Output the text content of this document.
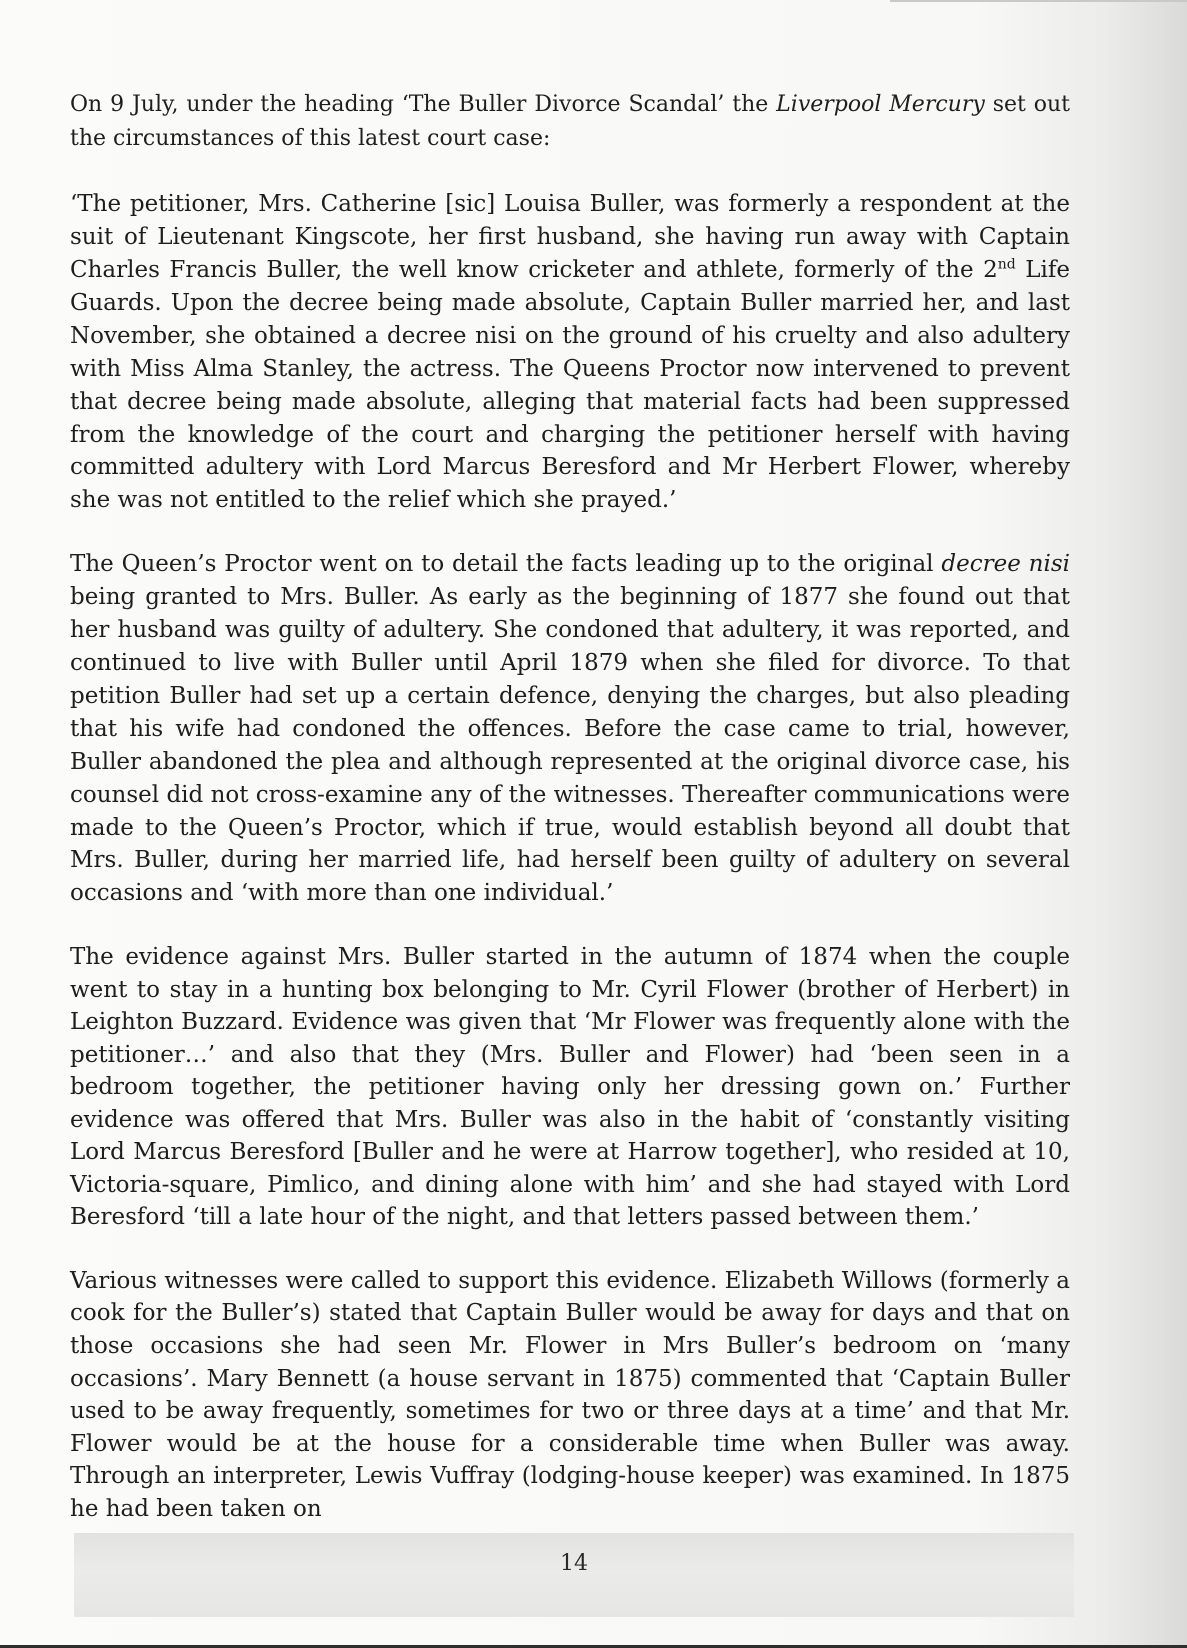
On 9 July, under the heading ‘The Buller Divorce Scandal’ the Liverpool Mercury set out the circumstances of this latest court case:

‘The petitioner, Mrs. Catherine [sic] Louisa Buller, was formerly a respondent at the suit of Lieutenant Kingscote, her first husband, she having run away with Captain Charles Francis Buller, the well know cricketer and athlete, formerly of the 2nd Life Guards. Upon the decree being made absolute, Captain Buller married her, and last November, she obtained a decree nisi on the ground of his cruelty and also adultery with Miss Alma Stanley, the actress. The Queens Proctor now intervened to prevent that decree being made absolute, alleging that material facts had been suppressed from the knowledge of the court and charging the petitioner herself with having committed adultery with Lord Marcus Beresford and Mr Herbert Flower, whereby she was not entitled to the relief which she prayed.’

The Queen’s Proctor went on to detail the facts leading up to the original decree nisi being granted to Mrs. Buller. As early as the beginning of 1877 she found out that her husband was guilty of adultery. She condoned that adultery, it was reported, and continued to live with Buller until April 1879 when she filed for divorce. To that petition Buller had set up a certain defence, denying the charges, but also pleading that his wife had condoned the offences. Before the case came to trial, however, Buller abandoned the plea and although represented at the original divorce case, his counsel did not cross-examine any of the witnesses. Thereafter communications were made to the Queen’s Proctor, which if true, would establish beyond all doubt that Mrs. Buller, during her married life, had herself been guilty of adultery on several occasions and ‘with more than one individual.’

The evidence against Mrs. Buller started in the autumn of 1874 when the couple went to stay in a hunting box belonging to Mr. Cyril Flower (brother of Herbert) in Leighton Buzzard. Evidence was given that ‘Mr Flower was frequently alone with the petitioner…’ and also that they (Mrs. Buller and Flower) had ‘been seen in a bedroom together, the petitioner having only her dressing gown on.’ Further evidence was offered that Mrs. Buller was also in the habit of ‘constantly visiting Lord Marcus Beresford [Buller and he were at Harrow together], who resided at 10, Victoria-square, Pimlico, and dining alone with him’ and she had stayed with Lord Beresford ‘till a late hour of the night, and that letters passed between them.’

Various witnesses were called to support this evidence. Elizabeth Willows (formerly a cook for the Buller’s) stated that Captain Buller would be away for days and that on those occasions she had seen Mr. Flower in Mrs Buller’s bedroom on ‘many occasions’. Mary Bennett (a house servant in 1875) commented that ‘Captain Buller used to be away frequently, sometimes for two or three days at a time’ and that Mr. Flower would be at the house for a considerable time when Buller was away. Through an interpreter, Lewis Vuffray (lodging-house keeper) was examined. In 1875 he had been taken on

14
